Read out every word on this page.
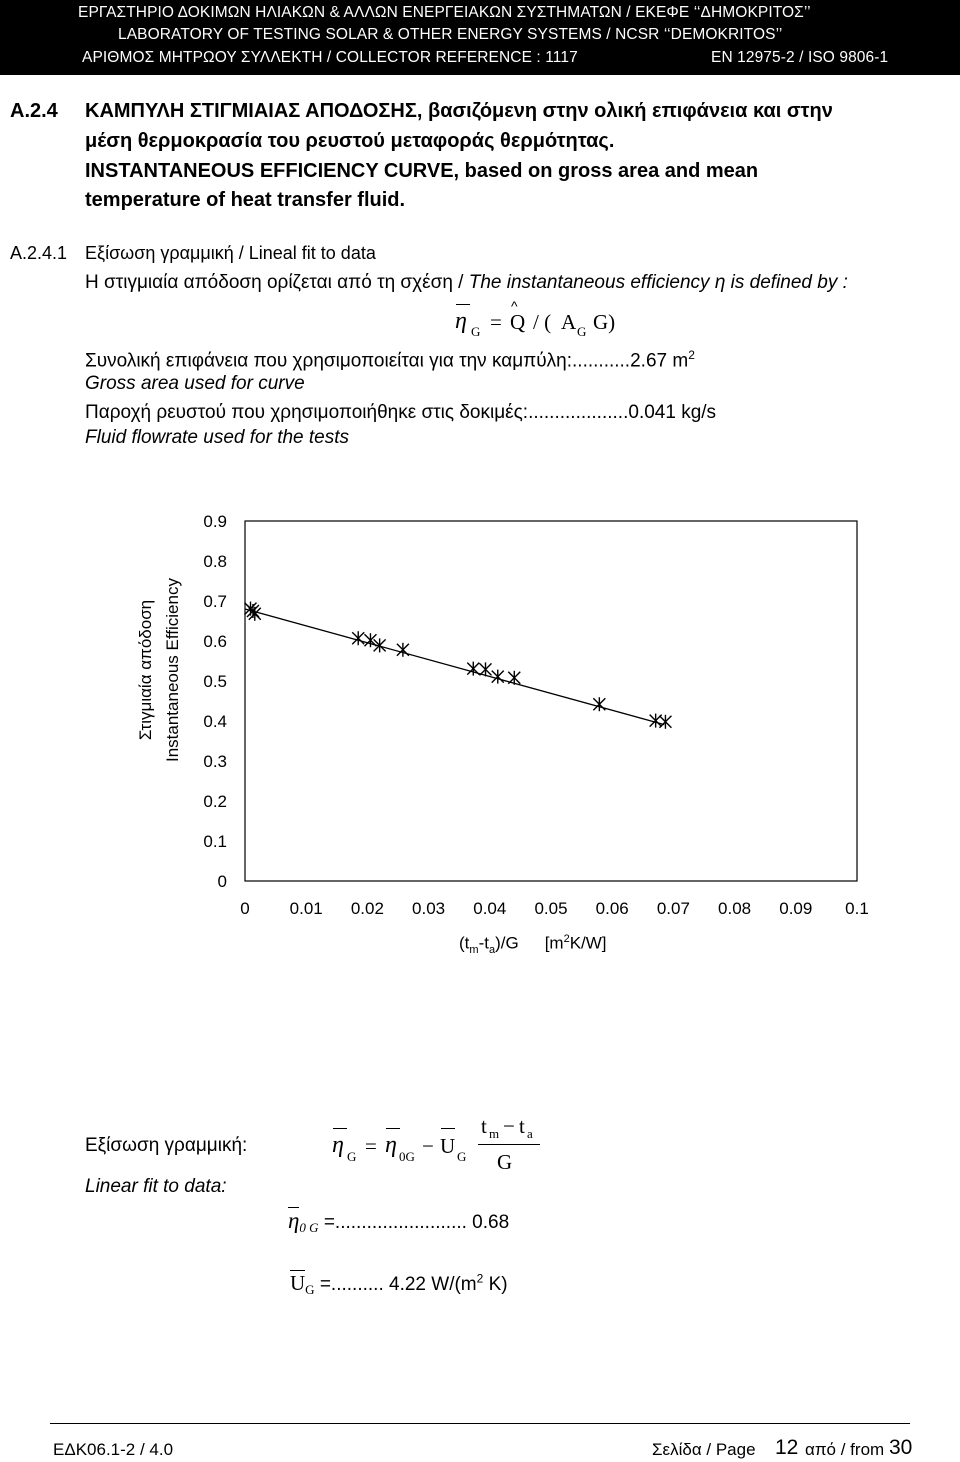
ΕΡΓΑΣΤΗΡΙΟ ΔΟΚΙΜΩΝ ΗΛΙΑΚΩΝ & ΑΛΛΩΝ ΕΝΕΡΓΕΙΑΚΩΝ ΣΥΣΤΗΜΑΤΩΝ / ΕΚΕΦΕ ‘‘ΔΗΜΟΚΡΙΤΟΣ’’
LABORATORY OF TESTING SOLAR & OTHER ENERGY SYSTEMS / NCSR ‘‘DEMOKRITOS’’
ΑΡΙΘΜΟΣ ΜΗΤΡΩΟΥ ΣΥΛΛΕΚΤΗ / COLLECTOR REFERENCE : 1117	EN 12975-2 / ISO 9806-1
A.2.4 ΚΑΜΠΥΛΗ ΣΤΙΓΜΙΑΙΑΣ ΑΠΟΔΟΣΗΣ, βασιζόμενη στην ολική επιφάνεια και στην
μέση θερμοκρασία του ρευστού μεταφοράς θερμότητας.
INSTANTANEOUS EFFICIENCY CURVE, based on gross area and mean
temperature of heat transfer fluid.
A.2.4.1 Εξίσωση γραμμική / Lineal fit to data
Η στιγμιαία απόδοση ορίζεται από τη σχέση / The instantaneous efficiency η is defined by :
η G =
^
Q / ( A G G)
Συνολική επιφάνεια που χρησιμοποιείται για την καμπύλη:...........2.67 $m^2$
Gross area used for curve
Παροχή ρευστού που χρησιμοποιήθηκε στις δοκιμές:...................0.041 kg/s
Fluid flowrate used for the tests
Στιγμιαία απόδοση Instantaneous Efficiency
0
0.1
0.2
0.3
0.4
0.5
0.6
0.7
0.8
0.9
0 0.01 0.02 0.03 0.04 0.05 0.06 0.07 0.08 0.09 0.1
$(t_m-t_a)/G$ $[m^2K/W]$
Εξίσωση γραμμική:
Linear fit to data:
η G = η 0G − U G
t m − t a
G
$\eta_{0 G}$ =......................... 0.68
$U_G$ =.......... 4.22 $W/(m^2$ K)
ΕΔΚ06.1-2 / 4.0	Σελίδα / Page 12 από / from 30
